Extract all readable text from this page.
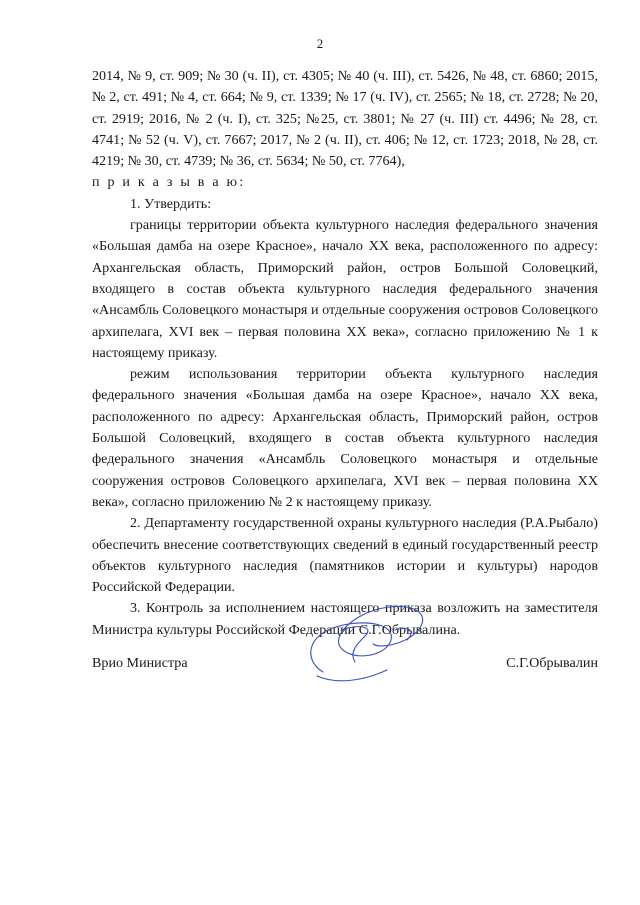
2

2014, № 9, ст. 909; № 30 (ч. II), ст. 4305; № 40 (ч. III), ст. 5426, № 48, ст. 6860; 2015, № 2, ст. 491; № 4, ст. 664; № 9, ст. 1339; № 17 (ч. IV), ст. 2565; № 18, ст. 2728; № 20, ст. 2919; 2016, № 2 (ч. I), ст. 325; №25, ст. 3801; № 27 (ч. III) ст. 4496; № 28, ст. 4741; № 52 (ч. V), ст. 7667; 2017, № 2 (ч. II), ст. 406; № 12, ст. 1723; 2018, № 28, ст. 4219; № 30, ст. 4739; № 36, ст. 5634; № 50, ст. 7764),

п р и к а з ы в а ю:

1. Утвердить:

границы территории объекта культурного наследия федерального значения «Большая дамба на озере Красное», начало XX века, расположенного по адресу: Архангельская область, Приморский район, остров Большой Соловецкий, входящего в состав объекта культурного наследия федерального значения «Ансамбль Соловецкого монастыря и отдельные сооружения островов Соловецкого архипелага, XVI век – первая половина XX века», согласно приложению № 1 к настоящему приказу.

режим использования территории объекта культурного наследия федерального значения «Большая дамба на озере Красное», начало XX века, расположенного по адресу: Архангельская область, Приморский район, остров Большой Соловецкий, входящего в состав объекта культурного наследия федерального значения «Ансамбль Соловецкого монастыря и отдельные сооружения островов Соловецкого архипелага, XVI век – первая половина XX века», согласно приложению № 2 к настоящему приказу.

2. Департаменту государственной охраны культурного наследия (Р.А.Рыбало) обеспечить внесение соответствующих сведений в единый государственный реестр объектов культурного наследия (памятников истории и культуры) народов Российской Федерации.

3. Контроль за исполнением настоящего приказа возложить на заместителя Министра культуры Российской Федерации С.Г.Обрывалина.

Врио Министра	С.Г.Обрывалин
